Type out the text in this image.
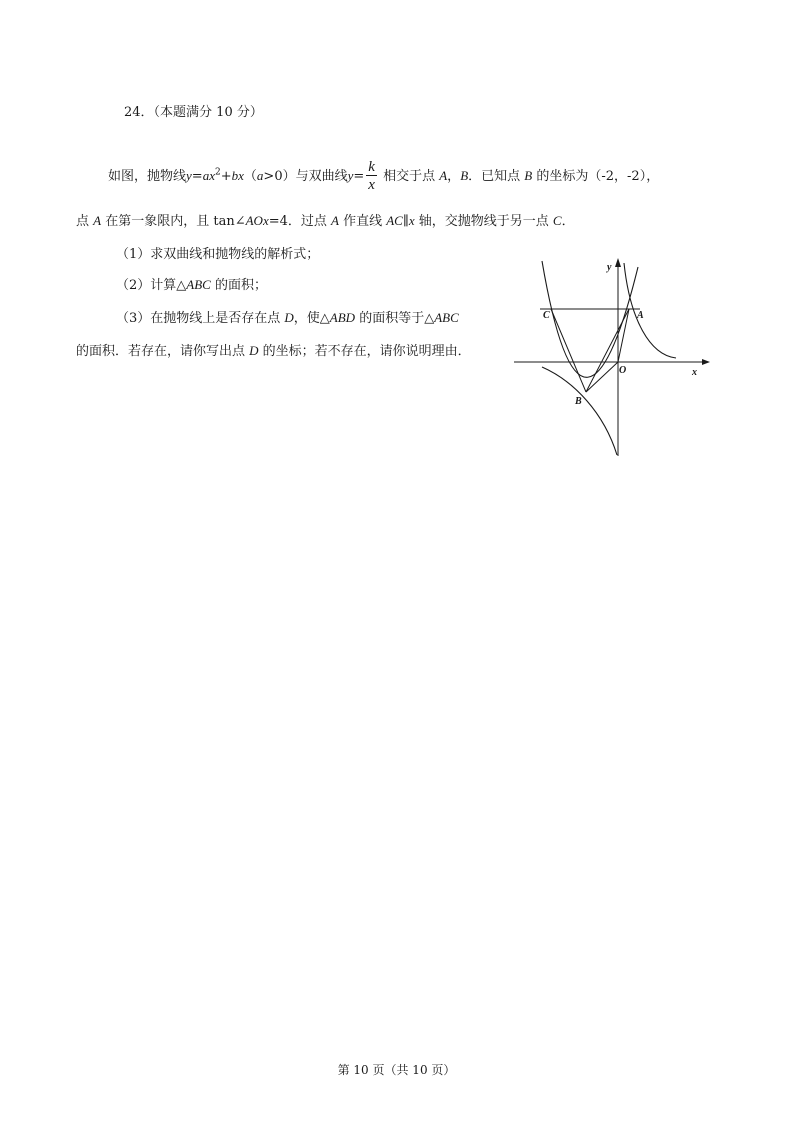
24．（本题满分 10 分）
如图，抛物线$y=ax^2+bx(a>0)$与双曲线$y= \frac{k}{x}$ 相交于点 A，B．已知点 B 的坐标为（-2，-2），
点 A 在第一象限内，且 tan∠AOx=4．过点 A 作直线 AC∥x 轴，交抛物线于另一点 C．
（1）求双曲线和抛物线的解析式；
（2）计算△ABC 的面积；
（3）在抛物线上是否存在点 D，使△ABD 的面积等于△ABC
的面积．若存在，请你写出点 D 的坐标；若不存在，请你说明理由．
y
x
O
A
B
C
第 10 页（共 10 页）
